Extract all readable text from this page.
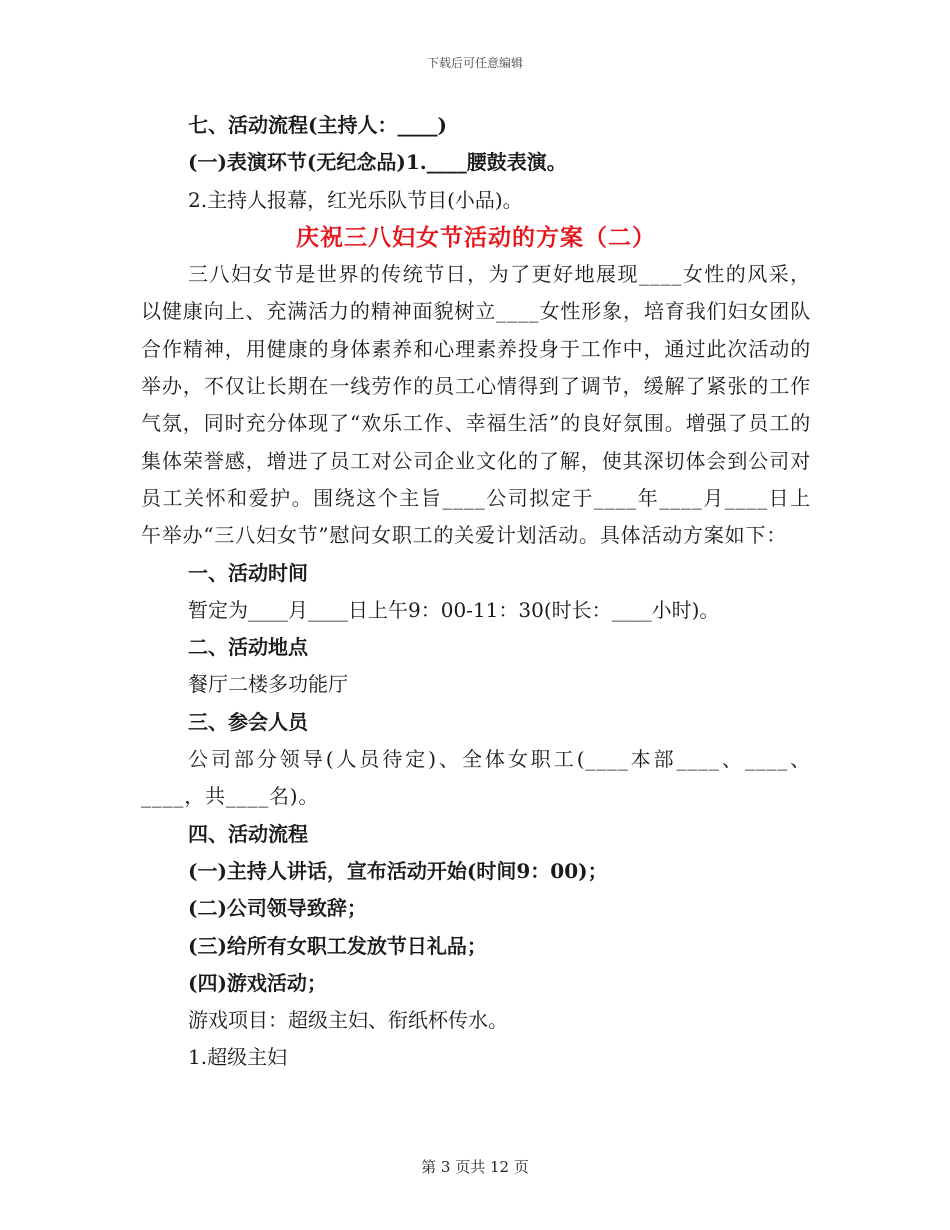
下载后可任意编辑
七、活动流程(主持人：____)
(一)表演环节(无纪念品)1.____腰鼓表演。
2.主持人报幕，红光乐队节目(小品)。
庆祝三八妇女节活动的方案（二）
三八妇女节是世界的传统节日，为了更好地展现____女性的风采，以健康向上、充满活力的精神面貌树立____女性形象，培育我们妇女团队合作精神，用健康的身体素养和心理素养投身于工作中，通过此次活动的举办，不仅让长期在一线劳作的员工心情得到了调节，缓解了紧张的工作气氛，同时充分体现了“欢乐工作、幸福生活”的良好氛围。增强了员工的集体荣誉感，增进了员工对公司企业文化的了解，使其深切体会到公司对员工关怀和爱护。围绕这个主旨____公司拟定于____年____月____日上午举办“三八妇女节”慰问女职工的关爱计划活动。具体活动方案如下：
一、活动时间
暂定为____月____日上午9：00-11：30(时长：____小时)。
二、活动地点
餐厅二楼多功能厅
三、参会人员
公司部分领导(人员待定)、全体女职工(____本部____、____、____，共____名)。
四、活动流程
(一)主持人讲话，宣布活动开始(时间9：00)；
(二)公司领导致辞；
(三)给所有女职工发放节日礼品；
(四)游戏活动；
游戏项目：超级主妇、衔纸杯传水。
1.超级主妇
第 3 页共 12 页
